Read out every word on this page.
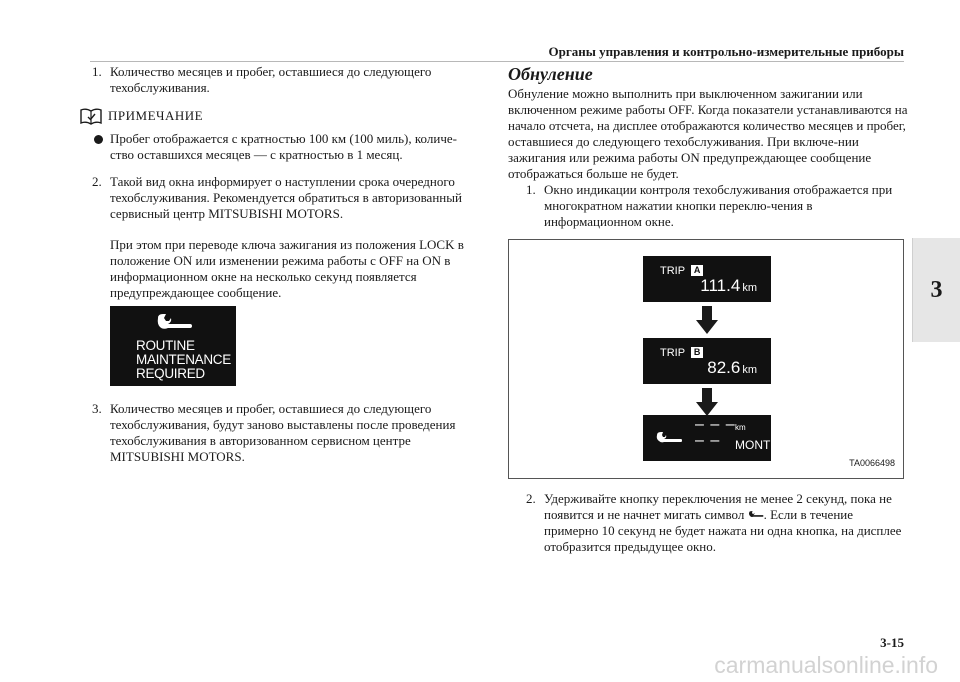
Органы управления и контрольно-измерительные приборы
3
1. Количество месяцев и пробег, оставшиеся до следующего техобслуживания.

ПРИМЕЧАНИЕ

Пробег отображается с кратностью 100 км (100 миль), количе-ство оставшихся месяцев — с кратностью в 1 месяц.

2. Такой вид окна информирует о наступлении срока очередного техобслуживания. Рекомендуется обратиться в авторизованный сервисный центр MITSUBISHI MOTORS.

При этом при переводе ключа зажигания из положения LOCK в положение ON или изменении режима работы с OFF на ON в информационном окне на несколько секунд появляется предупреждающее сообщение.

ROUTINE
MAINTENANCE
REQUIRED
3. Количество месяцев и пробег, оставшиеся до следующего техобслуживания, будут заново выставлены после проведения техобслуживания в авторизованном сервисном центре MITSUBISHI MOTORS.

Обнуление

Обнуление можно выполнить при выключенном зажигании или включенном режиме работы OFF. Когда показатели устанавливаются на начало отсчета, на дисплее отображаются количество месяцев и пробег, оставшиеся до следующего техобслуживания. При включе-нии зажигания или режима работы ON предупреждающее сообщение отображаться больше не будет.

1. Окно индикации контроля техобслуживания отображается при многократном нажатии кнопки переклю-чения в информационном окне.

TRIP A
111.4 km
TRIP B
82.6 km
– – –
– –
km
MONTH
TA0066498
2. Удерживайте кнопку переключения не менее 2 секунд, пока не появится и не начнет мигать символ . Если в течение примерно 10 секунд не будет нажата ни одна кнопка, на дисплее отобразится предыдущее окно.

3-15
carmanualsonline.info
